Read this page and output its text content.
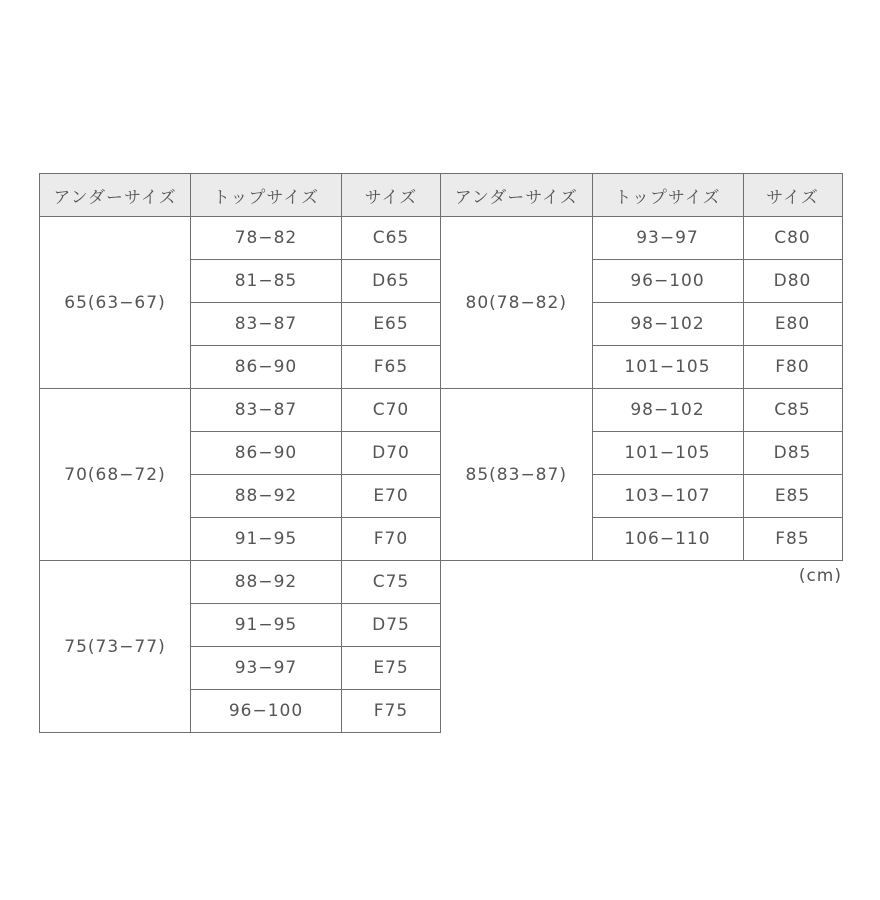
アンダーサイズ	トップサイズ	サイズ
65(63−67)	78−82	C65
	81−85	D65
	83−87	E65
	86−90	F65
70(68−72)	83−87	C70
	86−90	D70
	88−92	E70
	91−95	F70
75(73−77)	88−92	C75
	91−95	D75
	93−97	E75
	96−100	F75
アンダーサイズ	トップサイズ	サイズ
80(78−82)	93−97	C80
	96−100	D80
	98−102	E80
	101−105	F80
85(83−87)	98−102	C85
	101−105	D85
	103−107	E85
	106−110	F85
(cm)
